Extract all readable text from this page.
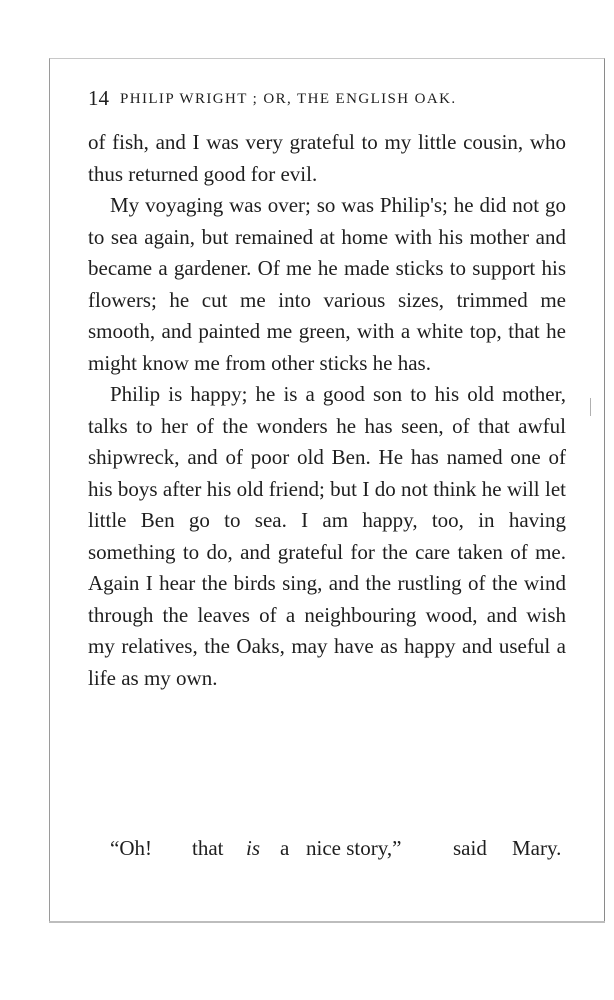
14 PHILIP WRIGHT ; OR, THE ENGLISH OAK.

of fish, and I was very grateful to my little cousin, who thus returned good for evil.

My voyaging was over; so was Philip's; he did not go to sea again, but remained at home with his mother and became a gardener. Of me he made sticks to support his flowers; he cut me into various sizes, trimmed me smooth, and painted me green, with a white top, that he might know me from other sticks he has.

Philip is happy; he is a good son to his old mother, talks to her of the wonders he has seen, of that awful shipwreck, and of poor old Ben. He has named one of his boys after his old friend; but I do not think he will let little Ben go to sea. I am happy, too, in having something to do, and grateful for the care taken of me. Again I hear the birds sing, and the rustling of the wind through the leaves of a neighbouring wood, and wish my relatives, the Oaks, may have as happy and useful a life as my own.

“Oh! that is a nice story,” said Mary.
